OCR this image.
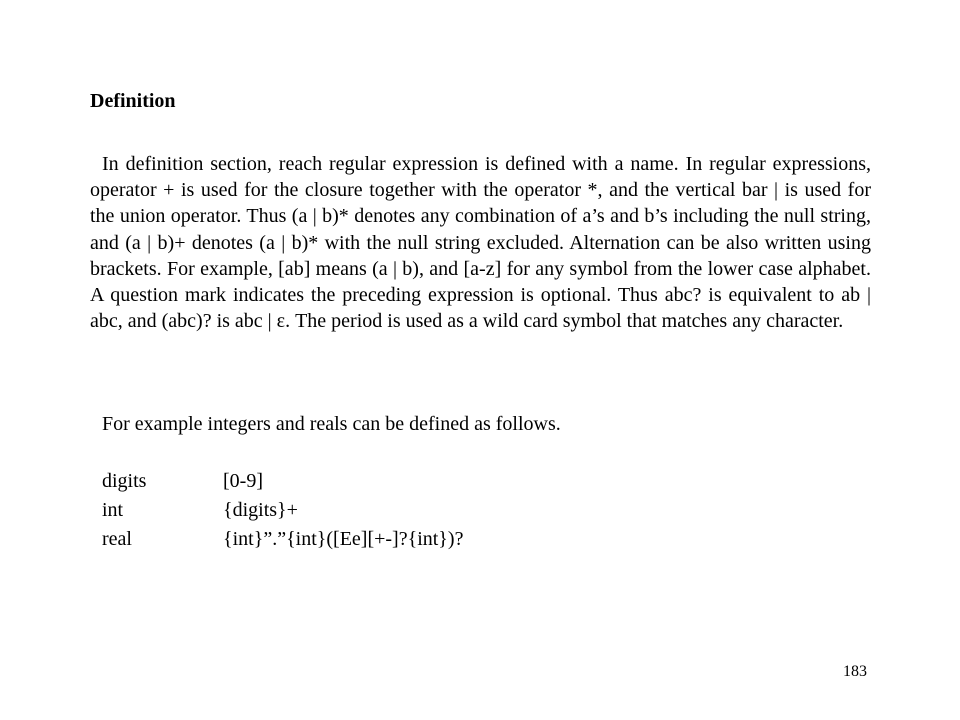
Definition

In definition section, reach regular expression is defined with a name. In regular expressions, operator + is used for the closure together with the operator *, and the vertical bar | is used for the union operator. Thus (a | b)* denotes any combination of a’s and b’s including the null string, and (a | b)+ denotes (a | b)* with the null string excluded. Alternation can be also written using brackets. For example, [ab] means (a | b), and [a-z] for any symbol from the lower case alphabet. A question mark indicates the preceding expression is optional. Thus abc? is equivalent to ab | abc, and (abc)? is abc | ε. The period is used as a wild card symbol that matches any character.

For example integers and reals can be defined as follows.

digits	[0-9]
int	{digits}+
real	{int}”.”{int}([Ee][+-]?{int})?
183
